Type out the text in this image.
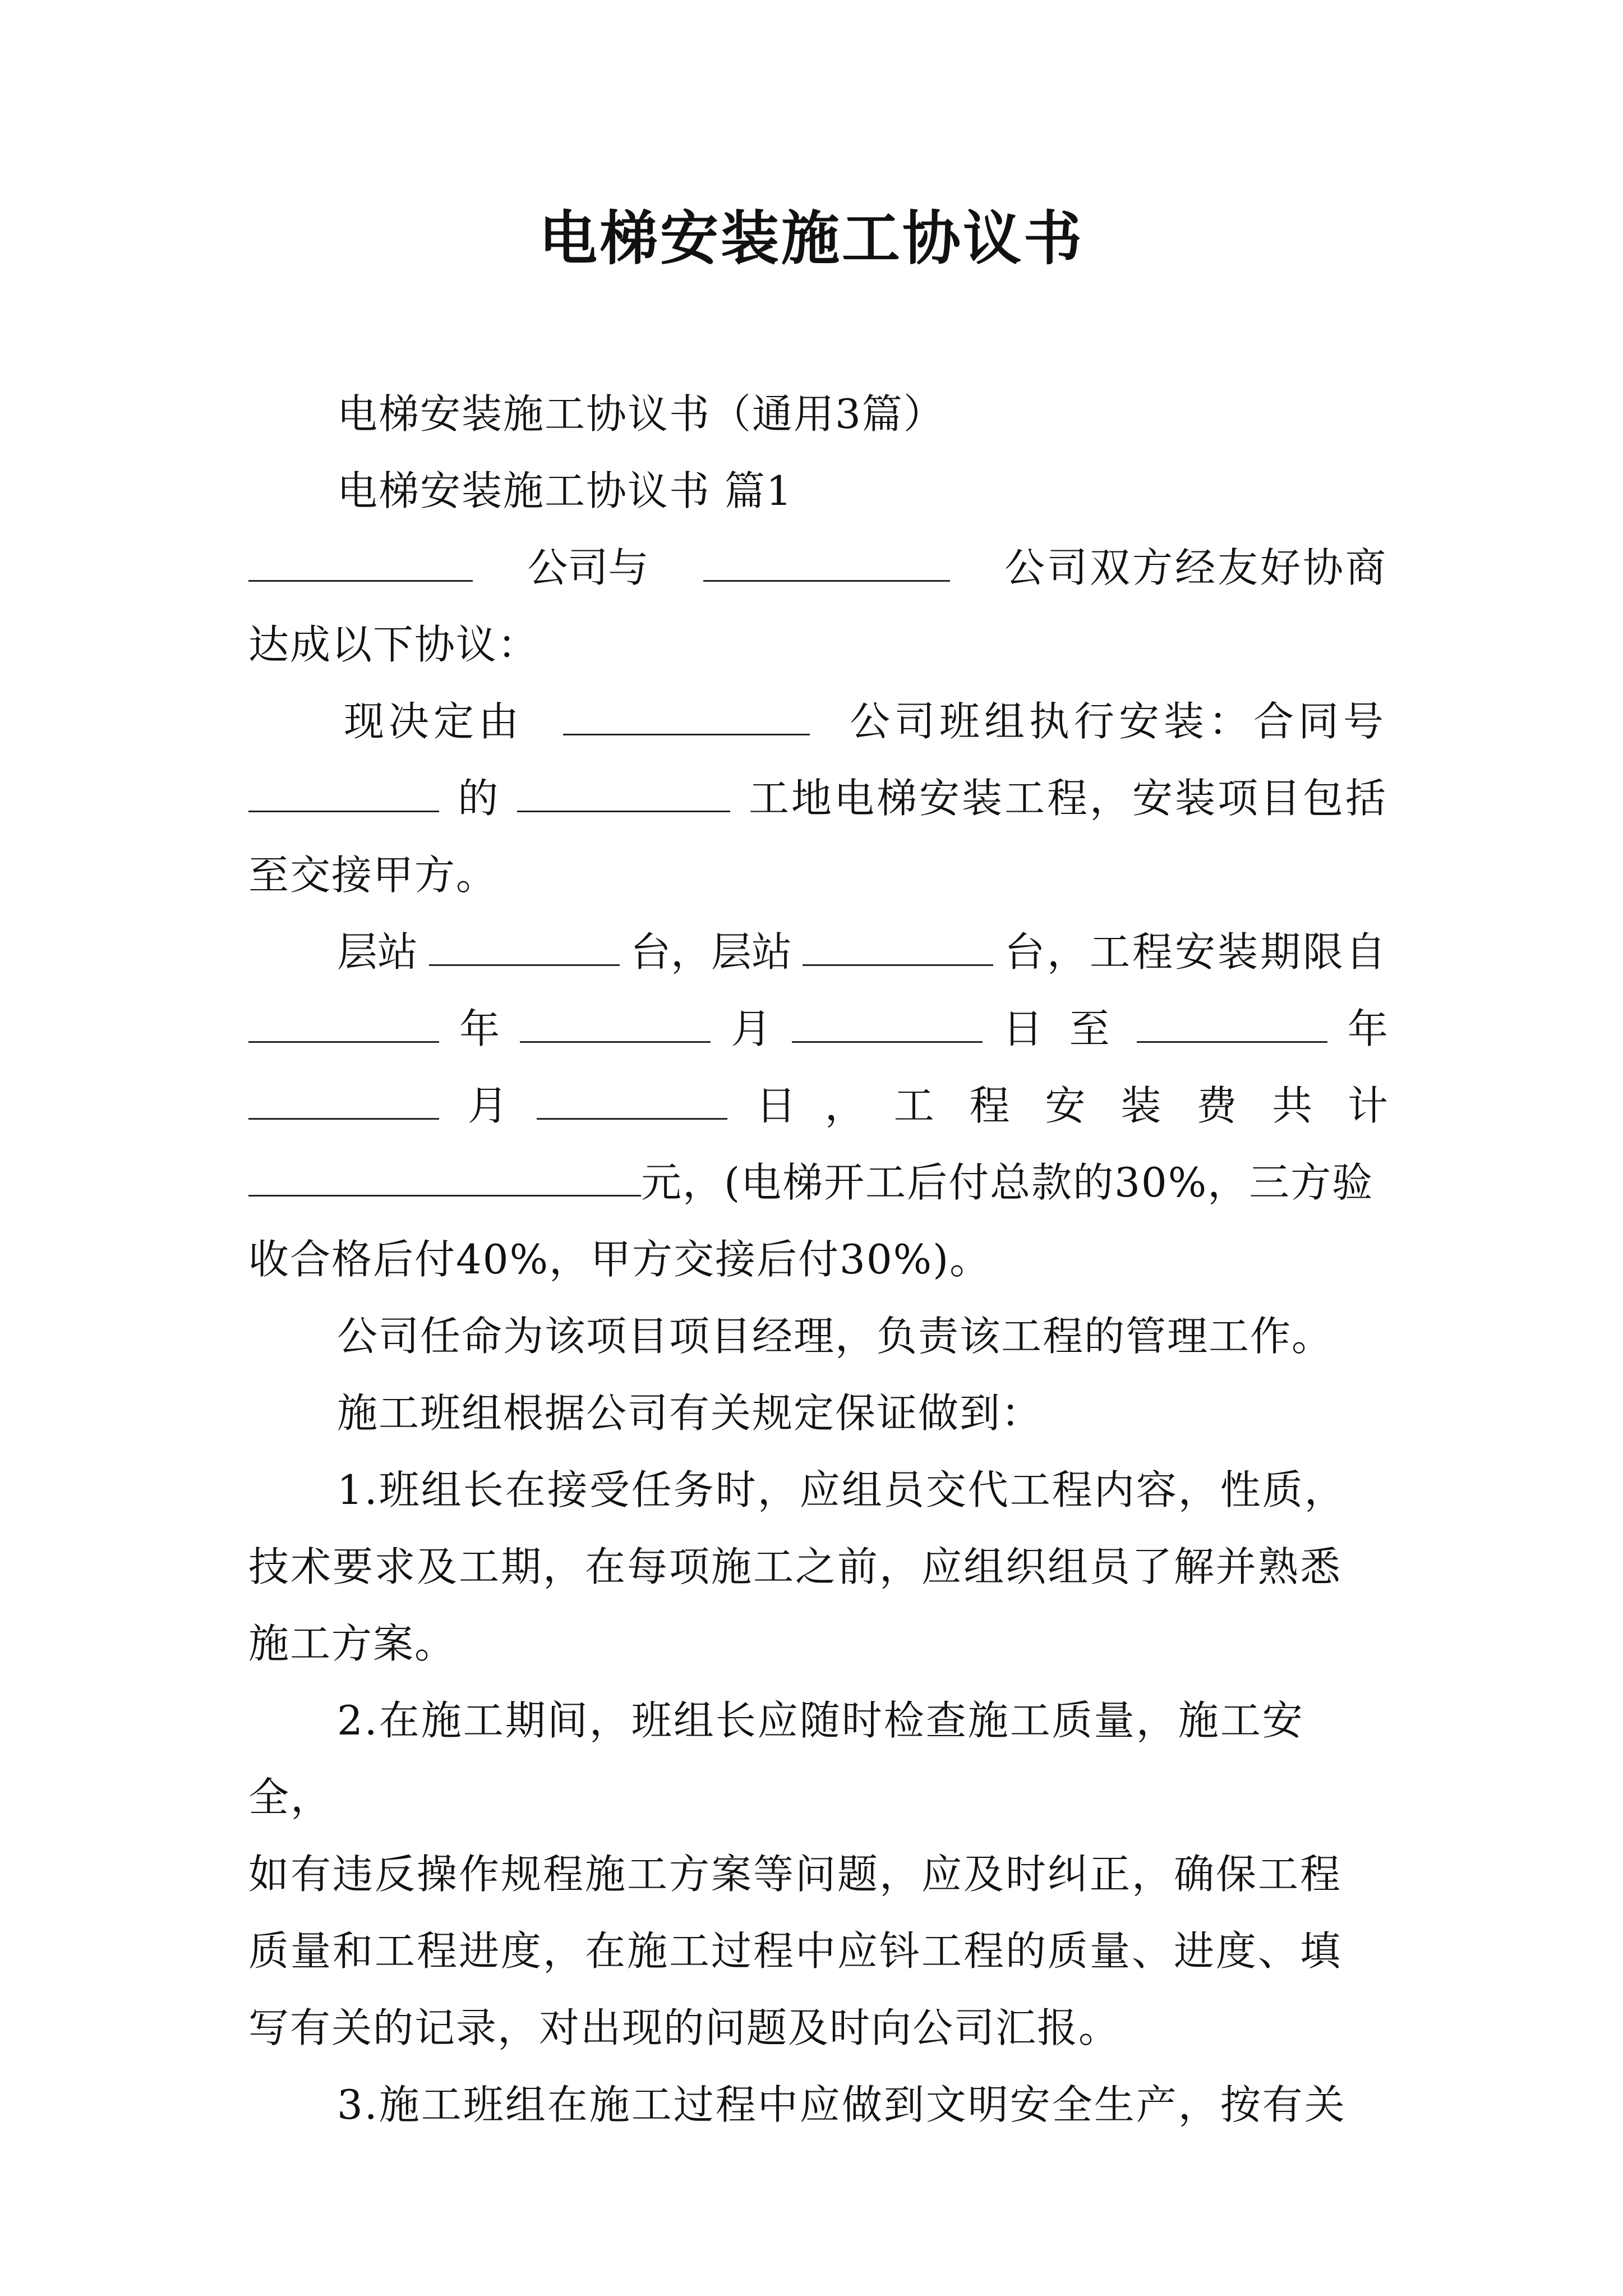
电梯安装施工协议书

电梯安装施工协议书（通用3篇）

电梯安装施工协议书 篇1

公司与	公司双方经友好协商

达成以下协议：

现决定由	公司班组执行安装：合同号
的	工地电梯安装工程，安装项目包括

至交接甲方。

层站	台，层站	台，工程安装期限自
年	月	日 至	年
月	日 ， 工 程 安 装 费 共 计
元，(电梯开工后付总款的30%，三方验

收合格后付40%，甲方交接后付30%)。

公司任命为该项目项目经理，负责该工程的管理工作。

施工班组根据公司有关规定保证做到：

1.班组长在接受任务时，应组员交代工程内容，性质，

技术要求及工期，在每项施工之前，应组织组员了解并熟悉

施工方案。

2.在施工期间，班组长应随时检查施工质量，施工安全，

如有违反操作规程施工方案等问题，应及时纠正，确保工程

质量和工程进度，在施工过程中应钭工程的质量、进度、填

写有关的记录，对出现的问题及时向公司汇报。

3.施工班组在施工过程中应做到文明安全生产，按有关
